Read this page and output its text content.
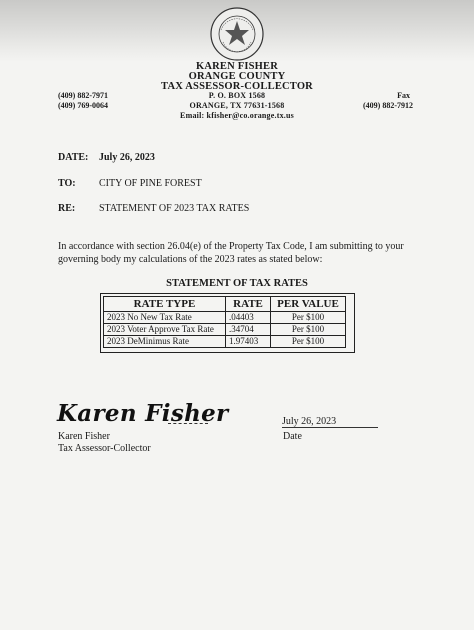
KAREN FISHER
ORANGE COUNTY
TAX ASSESSOR-COLLECTOR
P. O. BOX 1568
ORANGE, TX 77631-1568
Email: kfisher@co.orange.tx.us
(409) 882-7971
(409) 769-0064
Fax
(409) 882-7912
DATE: July 26, 2023
TO: CITY OF PINE FOREST
RE: STATEMENT OF 2023 TAX RATES
In accordance with section 26.04(e) of the Property Tax Code, I am submitting to your governing body my calculations of the 2023 rates as stated below:
STATEMENT OF TAX RATES
RATE TYPE	RATE	PER VALUE
2023 No New Tax Rate	.04403	Per $100
2023 Voter Approve Tax Rate	.34704	Per $100
2023 DeMinimus Rate	1.97403	Per $100
Karen Fisher	July 26, 2023
Karen Fisher
Tax Assessor-Collector
Date
